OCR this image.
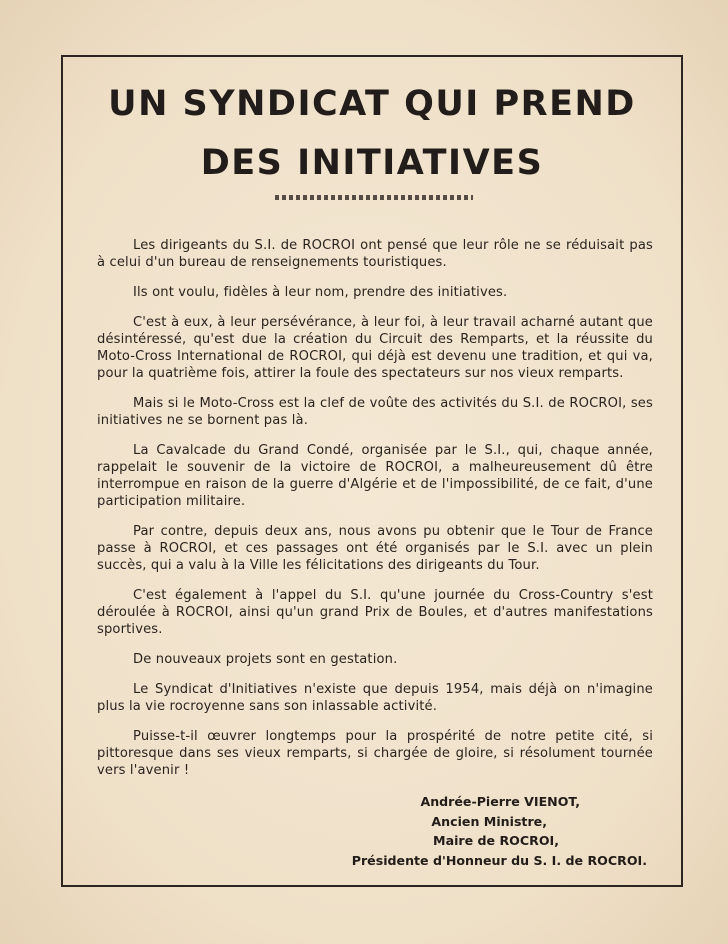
UN SYNDICAT QUI PREND
DES INITIATIVES

Les dirigeants du S.I. de ROCROI ont pensé que leur rôle ne se réduisait pas à celui d'un bureau de renseignements touristiques.

Ils ont voulu, fidèles à leur nom, prendre des initiatives.

C'est à eux, à leur persévérance, à leur foi, à leur travail acharné autant que désintéressé, qu'est due la création du Circuit des Remparts, et la réussite du Moto-Cross International de ROCROI, qui déjà est devenu une tradition, et qui va, pour la quatrième fois, attirer la foule des spectateurs sur nos vieux remparts.

Mais si le Moto-Cross est la clef de voûte des activités du S.I. de ROCROI, ses initiatives ne se bornent pas là.

La Cavalcade du Grand Condé, organisée par le S.I., qui, chaque année, rappelait le souvenir de la victoire de ROCROI, a malheureusement dû être interrompue en raison de la guerre d'Algérie et de l'impossibilité, de ce fait, d'une participation militaire.

Par contre, depuis deux ans, nous avons pu obtenir que le Tour de France passe à ROCROI, et ces passages ont été organisés par le S.I. avec un plein succès, qui a valu à la Ville les félicitations des dirigeants du Tour.

C'est également à l'appel du S.I. qu'une journée du Cross-Country s'est déroulée à ROCROI, ainsi qu'un grand Prix de Boules, et d'autres manifestations sportives.

De nouveaux projets sont en gestation.

Le Syndicat d'Initiatives n'existe que depuis 1954, mais déjà on n'imagine plus la vie rocroyenne sans son inlassable activité.

Puisse-t-il œuvrer longtemps pour la prospérité de notre petite cité, si pittoresque dans ses vieux remparts, si chargée de gloire, si résolument tournée vers l'avenir !

Andrée-Pierre VIENOT,
Ancien Ministre,
Maire de ROCROI,
Présidente d'Honneur du S. I. de ROCROI.
